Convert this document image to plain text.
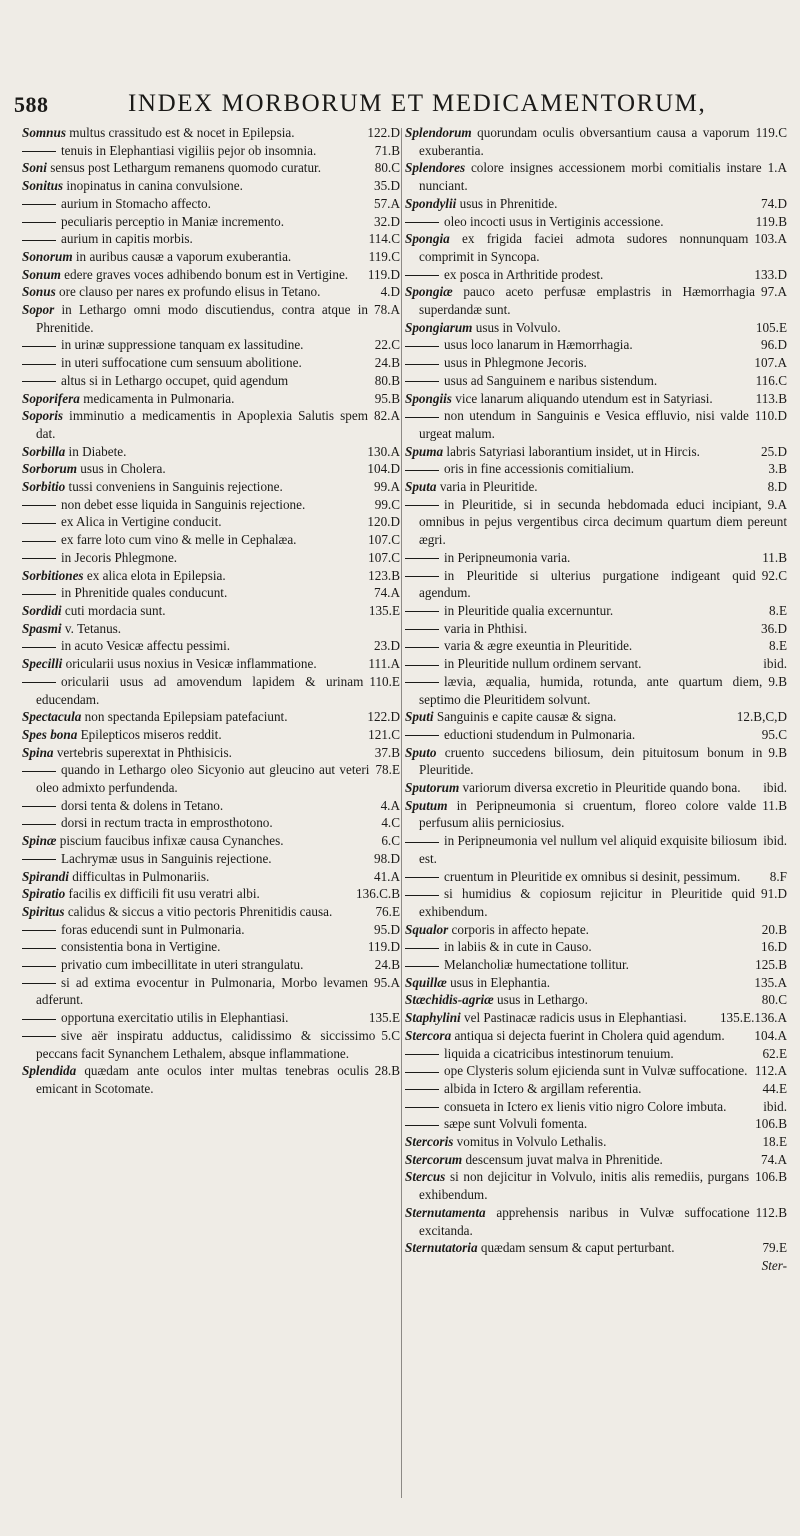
588	INDEX MORBORUM ET MEDICAMENTORUM,
122.D
Somnus multus crassitudo est & nocet in Epilepsia.
71.B
tenuis in Elephantiasi vigiliis pejor ob insomnia.
80.C
Soni sensus post Lethargum remanens quomodo curatur.
35.D
Sonitus inopinatus in canina convulsione.
57.A
aurium in Stomacho affecto.
32.D
peculiaris perceptio in Maniæ incremento.
114.C
aurium in capitis morbis.
119.C
Sonorum in auribus causæ a vaporum exuberantia.
119.D
Sonum edere graves voces adhibendo bonum est in Vertigine.
4.D
Sonus ore clauso per nares ex profundo elisus in Tetano.
78.A
Sopor in Lethargo omni modo discutiendus, contra atque in Phrenitide.
22.C
in urinæ suppressione tanquam ex lassitudine.
24.B
in uteri suffocatione cum sensuum abolitione.
80.B
altus si in Lethargo occupet, quid agendum
95.B
Soporifera medicamenta in Pulmonaria.
82.A
Soporis imminutio a medicamentis in Apoplexia Salutis spem dat.
130.A
Sorbilla in Diabete.
104.D
Sorborum usus in Cholera.
99.A
Sorbitio tussi conveniens in Sanguinis rejectione.
99.C
non debet esse liquida in Sanguinis rejectione.
120.D
ex Alica in Vertigine conducit.
107.C
ex farre loto cum vino & melle in Cephalæa.
107.C
in Jecoris Phlegmone.
123.B
Sorbitiones ex alica elota in Epilepsia.
74.A
in Phrenitide quales conducunt.
135.E
Sordidi cuti mordacia sunt.
Spasmi v. Tetanus.
23.D
in acuto Vesicæ affectu pessimi.
111.A
Specilli oricularii usus noxius in Vesicæ inflammatione.
110.E
oricularii usus ad amovendum lapidem & urinam educendam.
122.D
Spectacula non spectanda Epilepsiam patefaciunt.
121.C
Spes bona Epilepticos miseros reddit.
37.B
Spina vertebris superextat in Phthisicis.
78.E
quando in Lethargo oleo Sicyonio aut gleucino aut veteri oleo admixto perfundenda.
4.A
dorsi tenta & dolens in Tetano.
4.C
dorsi in rectum tracta in emprosthotono.
6.C
Spinæ piscium faucibus infixæ causa Cynanches.
98.D
Lachrymæ usus in Sanguinis rejectione.
41.A
Spirandi difficultas in Pulmonariis.
136.C.B
Spiratio facilis ex difficili fit usu veratri albi.
76.E
Spiritus calidus & siccus a vitio pectoris Phrenitidis causa.
95.D
foras educendi sunt in Pulmonaria.
119.D
consistentia bona in Vertigine.
24.B
privatio cum imbecillitate in uteri strangulatu.
95.A
si ad extima evocentur in Pulmonaria, Morbo levamen adferunt.
135.E
opportuna exercitatio utilis in Elephantiasi.
5.C
sive aër inspiratu adductus, calidissimo & siccissimo peccans facit Synanchem Lethalem, absque inflammatione.
28.B
Splendida quædam ante oculos inter multas tenebras oculis emicant in Scotomate.
119.C
Splendorum quorundam oculis obversantium causa a vaporum exuberantia.
1.A
Splendores colore insignes accessionem morbi comitialis instare nunciant.
74.D
Spondylii usus in Phrenitide.
119.B
oleo incocti usus in Vertiginis accessione.
103.A
Spongia ex frigida faciei admota sudores nonnunquam comprimit in Syncopa.
133.D
ex posca in Arthritide prodest.
97.A
Spongiæ pauco aceto perfusæ emplastris in Hæmorrhagia superdandæ sunt.
105.E
Spongiarum usus in Volvulo.
96.D
usus loco lanarum in Hæmorrhagia.
107.A
usus in Phlegmone Jecoris.
116.C
usus ad Sanguinem e naribus sistendum.
113.B
Spongiis vice lanarum aliquando utendum est in Satyriasi.
110.D
non utendum in Sanguinis e Vesica effluvio, nisi valde urgeat malum.
25.D
Spuma labris Satyriasi laborantium insidet, ut in Hircis.
3.B
oris in fine accessionis comitialium.
8.D
Sputa varia in Pleuritide.
9.A
in Pleuritide, si in secunda hebdomada educi incipiant, omnibus in pejus vergentibus circa decimum quartum diem pereunt ægri.
11.B
in Peripneumonia varia.
92.C
in Pleuritide si ulterius purgatione indigeant quid agendum.
8.E
in Pleuritide qualia excernuntur.
36.D
varia in Phthisi.
8.E
varia & ægre exeuntia in Pleuritide.
ibid.
in Pleuritide nullum ordinem servant.
9.B
lævia, æqualia, humida, rotunda, ante quartum diem, septimo die Pleuritidem solvunt.
12.B,C,D
Sputi Sanguinis e capite causæ & signa.
95.C
eductioni studendum in Pulmonaria.
9.B
Sputo cruento succedens biliosum, dein pituitosum bonum in Pleuritide.
ibid.
Sputorum variorum diversa excretio in Pleuritide quando bona.
11.B
Sputum in Peripneumonia si cruentum, floreo colore valde perfusum aliis perniciosius.
ibid.
in Peripneumonia vel nullum vel aliquid exquisite biliosum est.
8.F
cruentum in Pleuritide ex omnibus si desinit, pessimum.
91.D
si humidius & copiosum rejicitur in Pleuritide quid exhibendum.
20.B
Squalor corporis in affecto hepate.
16.D
in labiis & in cute in Causo.
125.B
Melancholiæ humectatione tollitur.
135.A
Squillæ usus in Elephantia.
80.C
Stæchidis-agriæ usus in Lethargo.
135.E.136.A
Staphylini vel Pastinacæ radicis usus in Elephantiasi.
104.A
Stercora antiqua si dejecta fuerint in Cholera quid agendum.
62.E
liquida a cicatricibus intestinorum tenuium.
112.A
ope Clysteris solum ejicienda sunt in Vulvæ suffocatione.
44.E
albida in Ictero & argillam referentia.
ibid.
consueta in Ictero ex lienis vitio nigro Colore imbuta.
106.B
sæpe sunt Volvuli fomenta.
18.E
Stercoris vomitus in Volvulo Lethalis.
74.A
Stercorum descensum juvat malva in Phrenitide.
106.B
Stercus si non dejicitur in Volvulo, initis alis remediis, purgans exhibendum.
112.B
Sternutamenta apprehensis naribus in Vulvæ suffocatione excitanda.
79.E
Sternutatoria quædam sensum & caput perturbant.
Ster-
